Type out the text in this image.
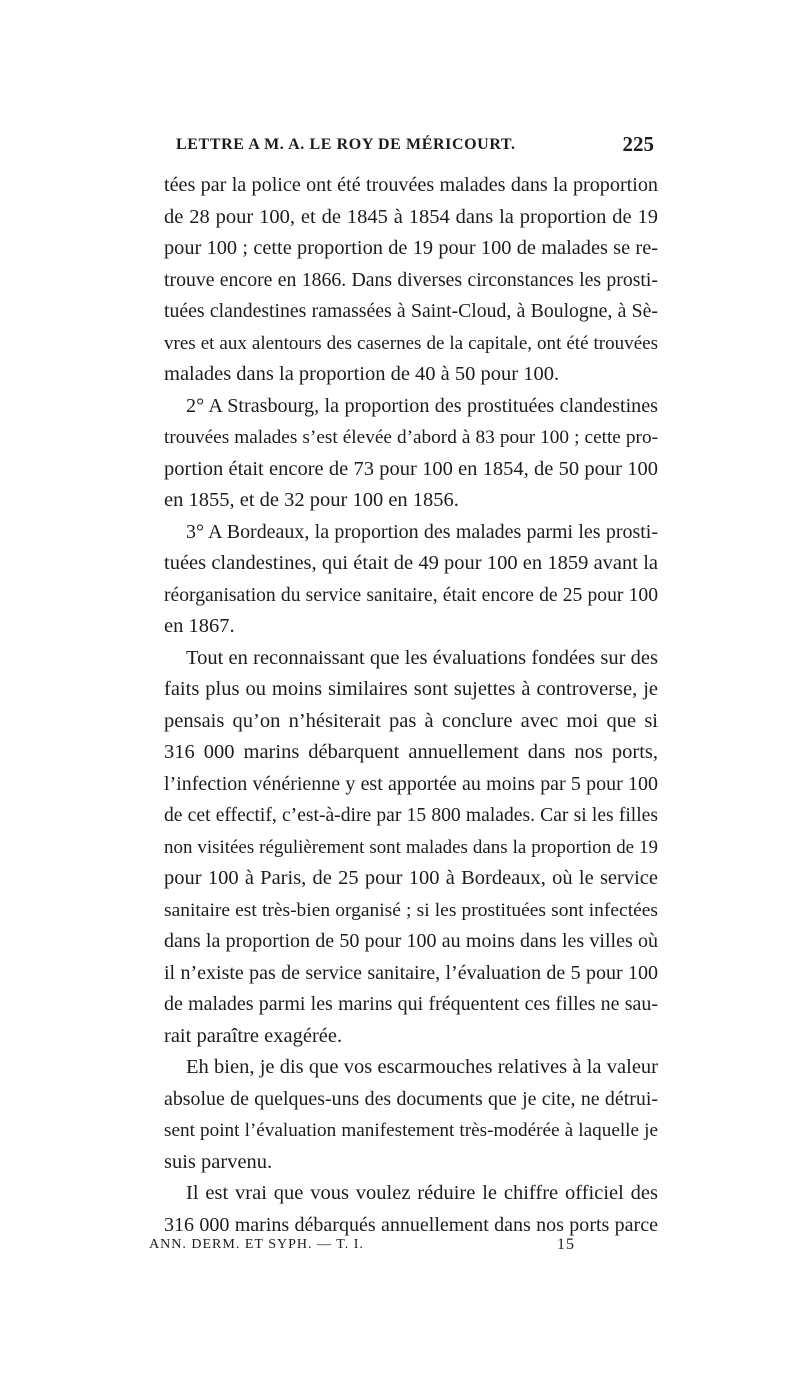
LETTRE A M. A. LE ROY DE MÉRICOURT.	225
tées par la police ont été trouvées malades dans la proportion
de 28 pour 100, et de 1845 à 1854 dans la proportion de 19
pour 100 ; cette proportion de 19 pour 100 de malades se re-
trouve encore en 1866. Dans diverses circonstances les prosti-
tuées clandestines ramassées à Saint-Cloud, à Boulogne, à Sè-
vres et aux alentours des casernes de la capitale, ont été trouvées
malades dans la proportion de 40 à 50 pour 100.
2° A Strasbourg, la proportion des prostituées clandestines
trouvées malades s’est élevée d’abord à 83 pour 100 ; cette pro-
portion était encore de 73 pour 100 en 1854, de 50 pour 100
en 1855, et de 32 pour 100 en 1856.
3° A Bordeaux, la proportion des malades parmi les prosti-
tuées clandestines, qui était de 49 pour 100 en 1859 avant la
réorganisation du service sanitaire, était encore de 25 pour 100
en 1867.
Tout en reconnaissant que les évaluations fondées sur des
faits plus ou moins similaires sont sujettes à controverse, je
pensais qu’on n’hésiterait pas à conclure avec moi que si
316 000 marins débarquent annuellement dans nos ports,
l’infection vénérienne y est apportée au moins par 5 pour 100
de cet effectif, c’est-à-dire par 15 800 malades. Car si les filles
non visitées régulièrement sont malades dans la proportion de 19
pour 100 à Paris, de 25 pour 100 à Bordeaux, où le service
sanitaire est très-bien organisé ; si les prostituées sont infectées
dans la proportion de 50 pour 100 au moins dans les villes où
il n’existe pas de service sanitaire, l’évaluation de 5 pour 100
de malades parmi les marins qui fréquentent ces filles ne sau-
rait paraître exagérée.
Eh bien, je dis que vos escarmouches relatives à la valeur
absolue de quelques-uns des documents que je cite, ne détrui-
sent point l’évaluation manifestement très-modérée à laquelle je
suis parvenu.
Il est vrai que vous voulez réduire le chiffre officiel des
316 000 marins débarqués annuellement dans nos ports parce
ANN. DERM. ET SYPH. — T. I.	15
